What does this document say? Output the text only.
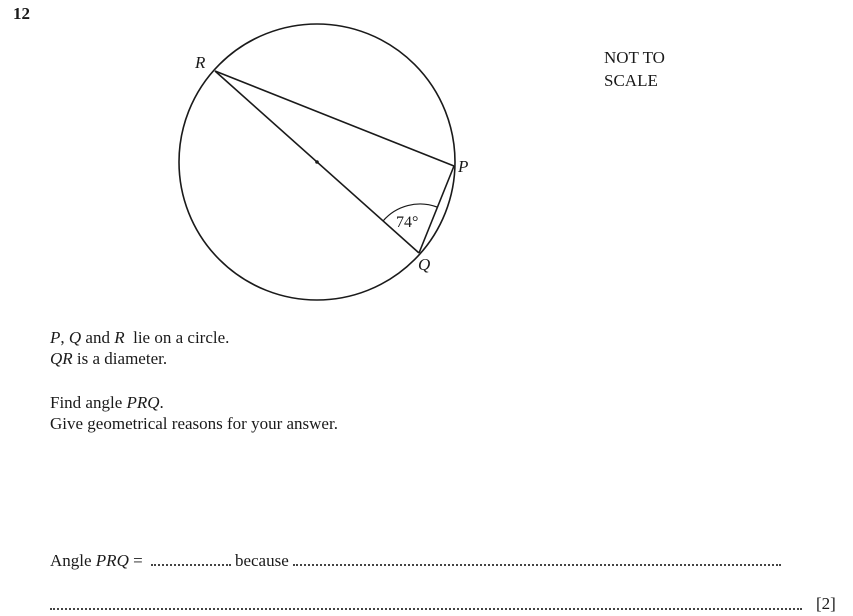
12
R
P
Q
74°
NOT TO
SCALE
P, Q and R  lie on a circle.
QR is a diameter.
Find angle PRQ.
Give geometrical reasons for your answer.
Angle PRQ =	because
[2]
